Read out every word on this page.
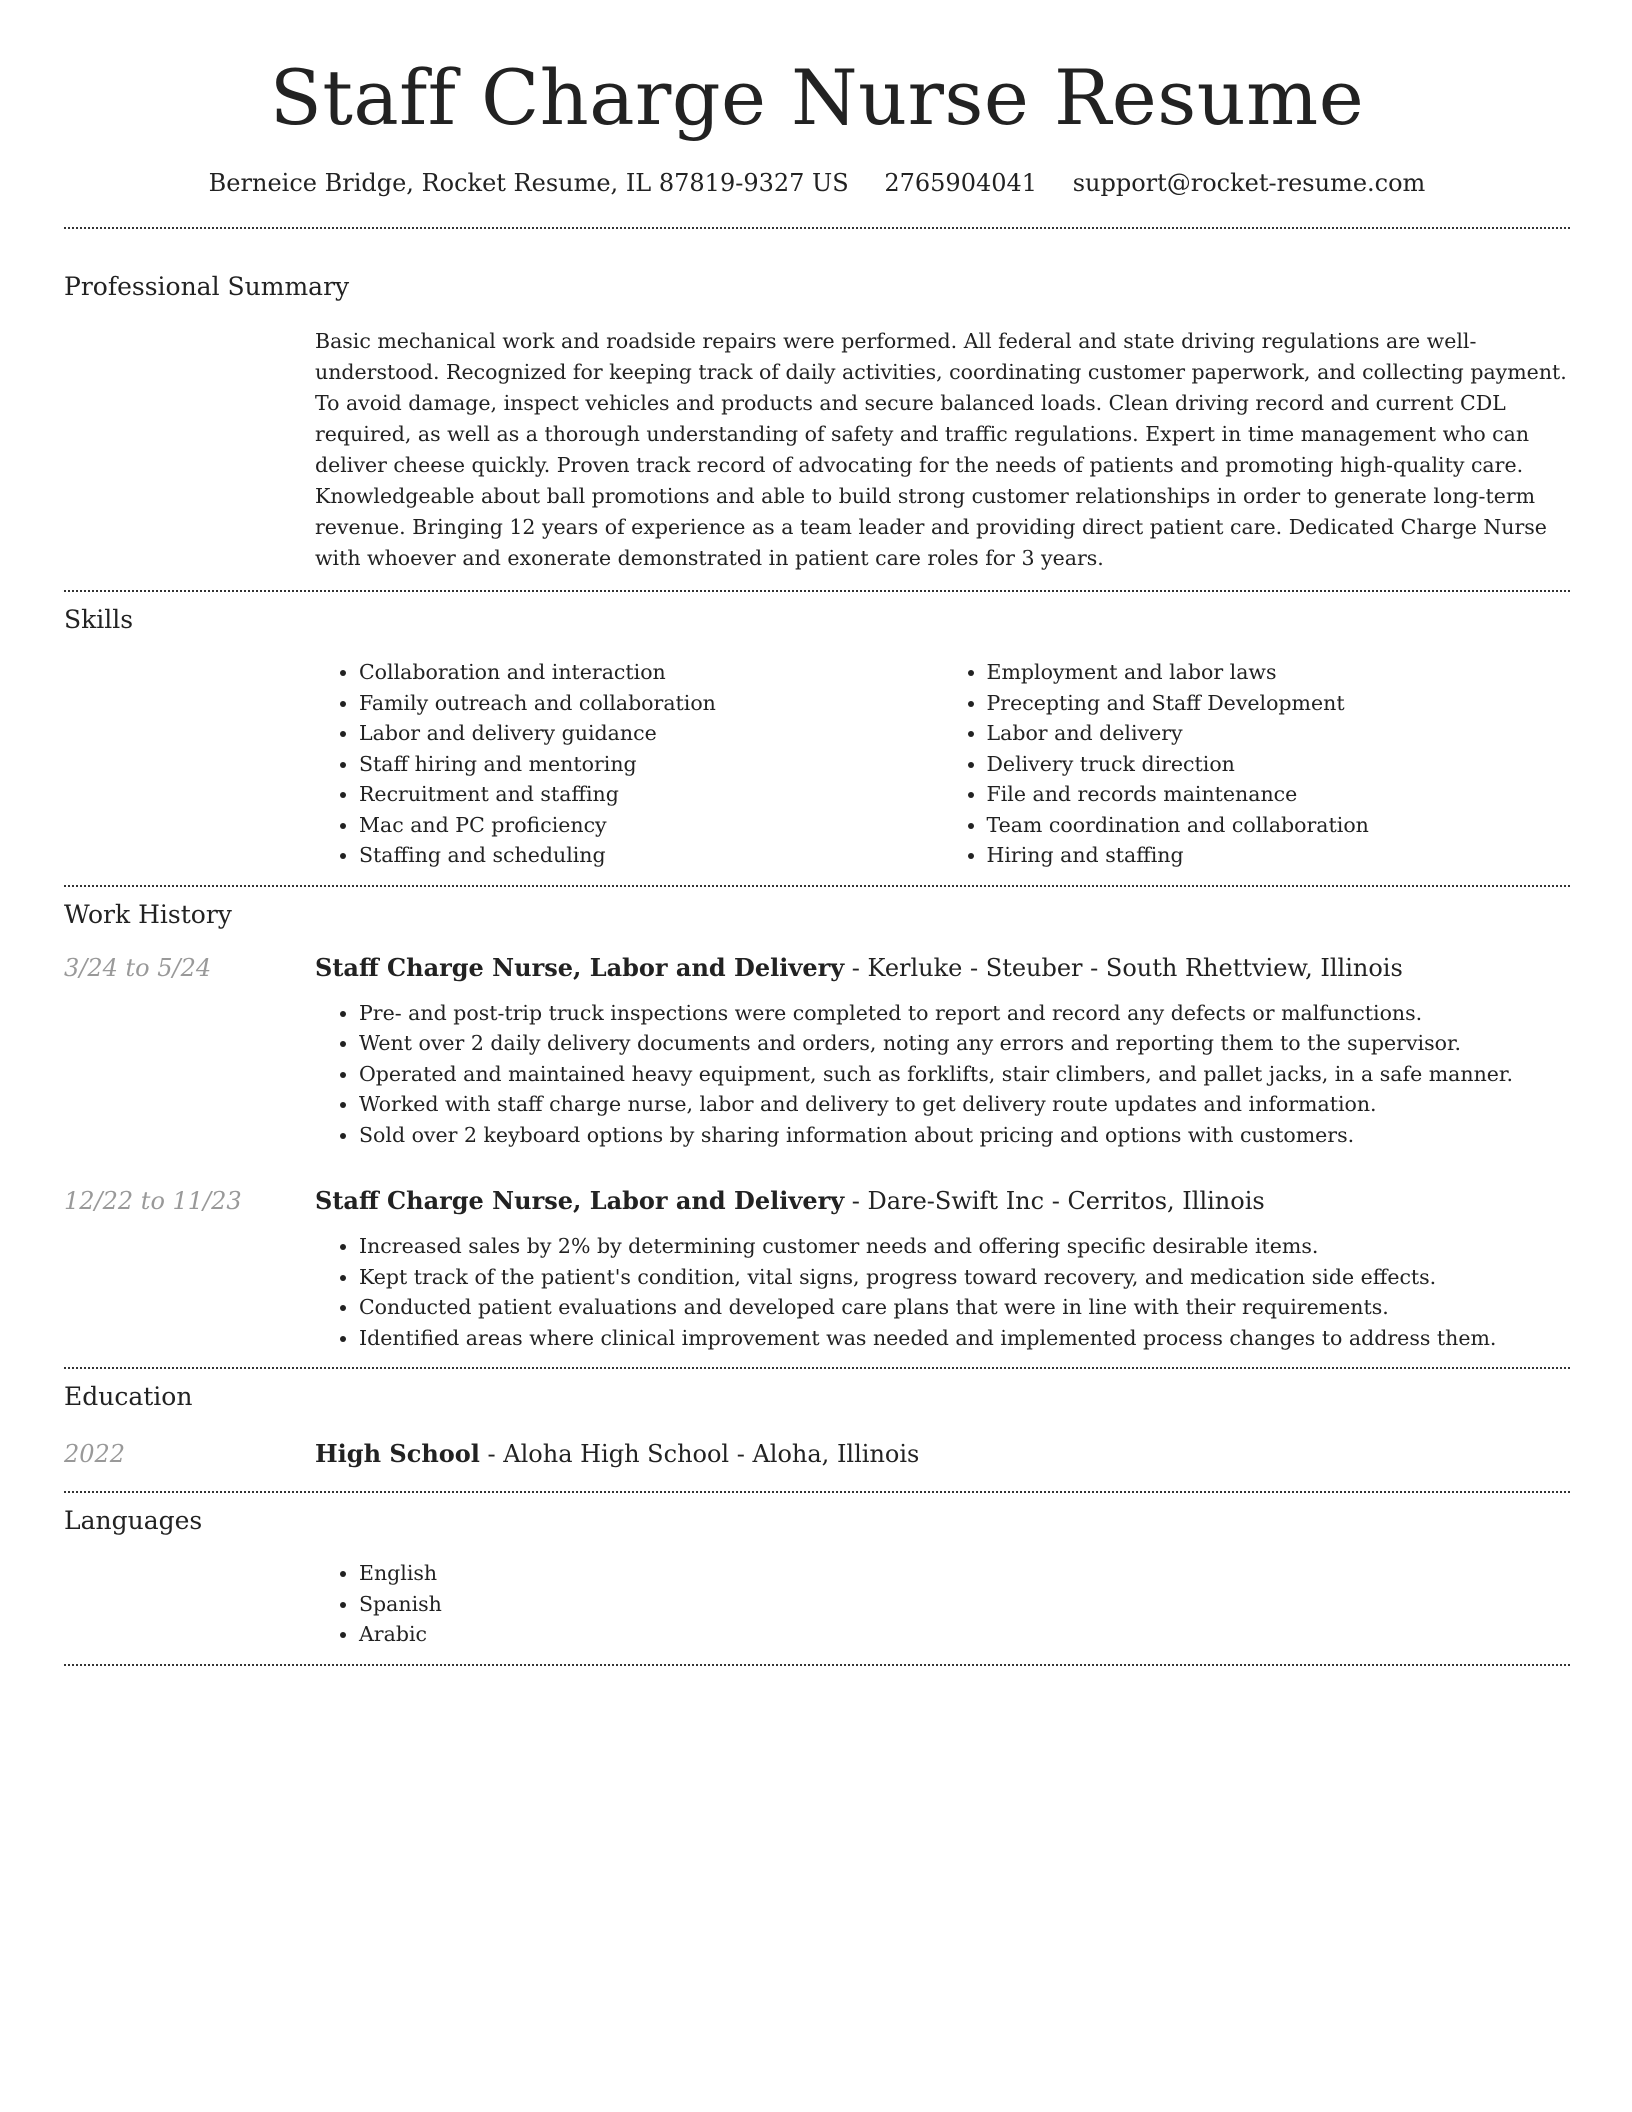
Staff Charge Nurse Resume
Berneice Bridge, Rocket Resume, IL 87819-9327 US 2765904041 support@rocket-resume.com
Professional Summary

Basic mechanical work and roadside repairs were performed. All federal and state driving regulations are well-understood. Recognized for keeping track of daily activities, coordinating customer paperwork, and collecting payment. To avoid damage, inspect vehicles and products and secure balanced loads. Clean driving record and current CDL required, as well as a thorough understanding of safety and traffic regulations. Expert in time management who can deliver cheese quickly. Proven track record of advocating for the needs of patients and promoting high-quality care. Knowledgeable about ball promotions and able to build strong customer relationships in order to generate long-term revenue. Bringing 12 years of experience as a team leader and providing direct patient care. Dedicated Charge Nurse with whoever and exonerate demonstrated in patient care roles for 3 years.

Skills
• Collaboration and interaction
• Family outreach and collaboration
• Labor and delivery guidance
• Staff hiring and mentoring
• Recruitment and staffing
• Mac and PC proficiency
• Staffing and scheduling
• Employment and labor laws
• Precepting and Staff Development
• Labor and delivery
• Delivery truck direction
• File and records maintenance
• Team coordination and collaboration
• Hiring and staffing
Work History
3/24 to 5/24	Staff Charge Nurse, Labor and Delivery - Kerluke - Steuber - South Rhettview, Illinois
• Pre- and post-trip truck inspections were completed to report and record any defects or malfunctions.
• Went over 2 daily delivery documents and orders, noting any errors and reporting them to the supervisor.
• Operated and maintained heavy equipment, such as forklifts, stair climbers, and pallet jacks, in a safe manner.
• Worked with staff charge nurse, labor and delivery to get delivery route updates and information.
• Sold over 2 keyboard options by sharing information about pricing and options with customers.
12/22 to 11/23	Staff Charge Nurse, Labor and Delivery - Dare-Swift Inc - Cerritos, Illinois
• Increased sales by 2% by determining customer needs and offering specific desirable items.
• Kept track of the patient's condition, vital signs, progress toward recovery, and medication side effects.
• Conducted patient evaluations and developed care plans that were in line with their requirements.
• Identified areas where clinical improvement was needed and implemented process changes to address them.
Education
2022	High School - Aloha High School - Aloha, Illinois
Languages
• English
• Spanish
• Arabic
